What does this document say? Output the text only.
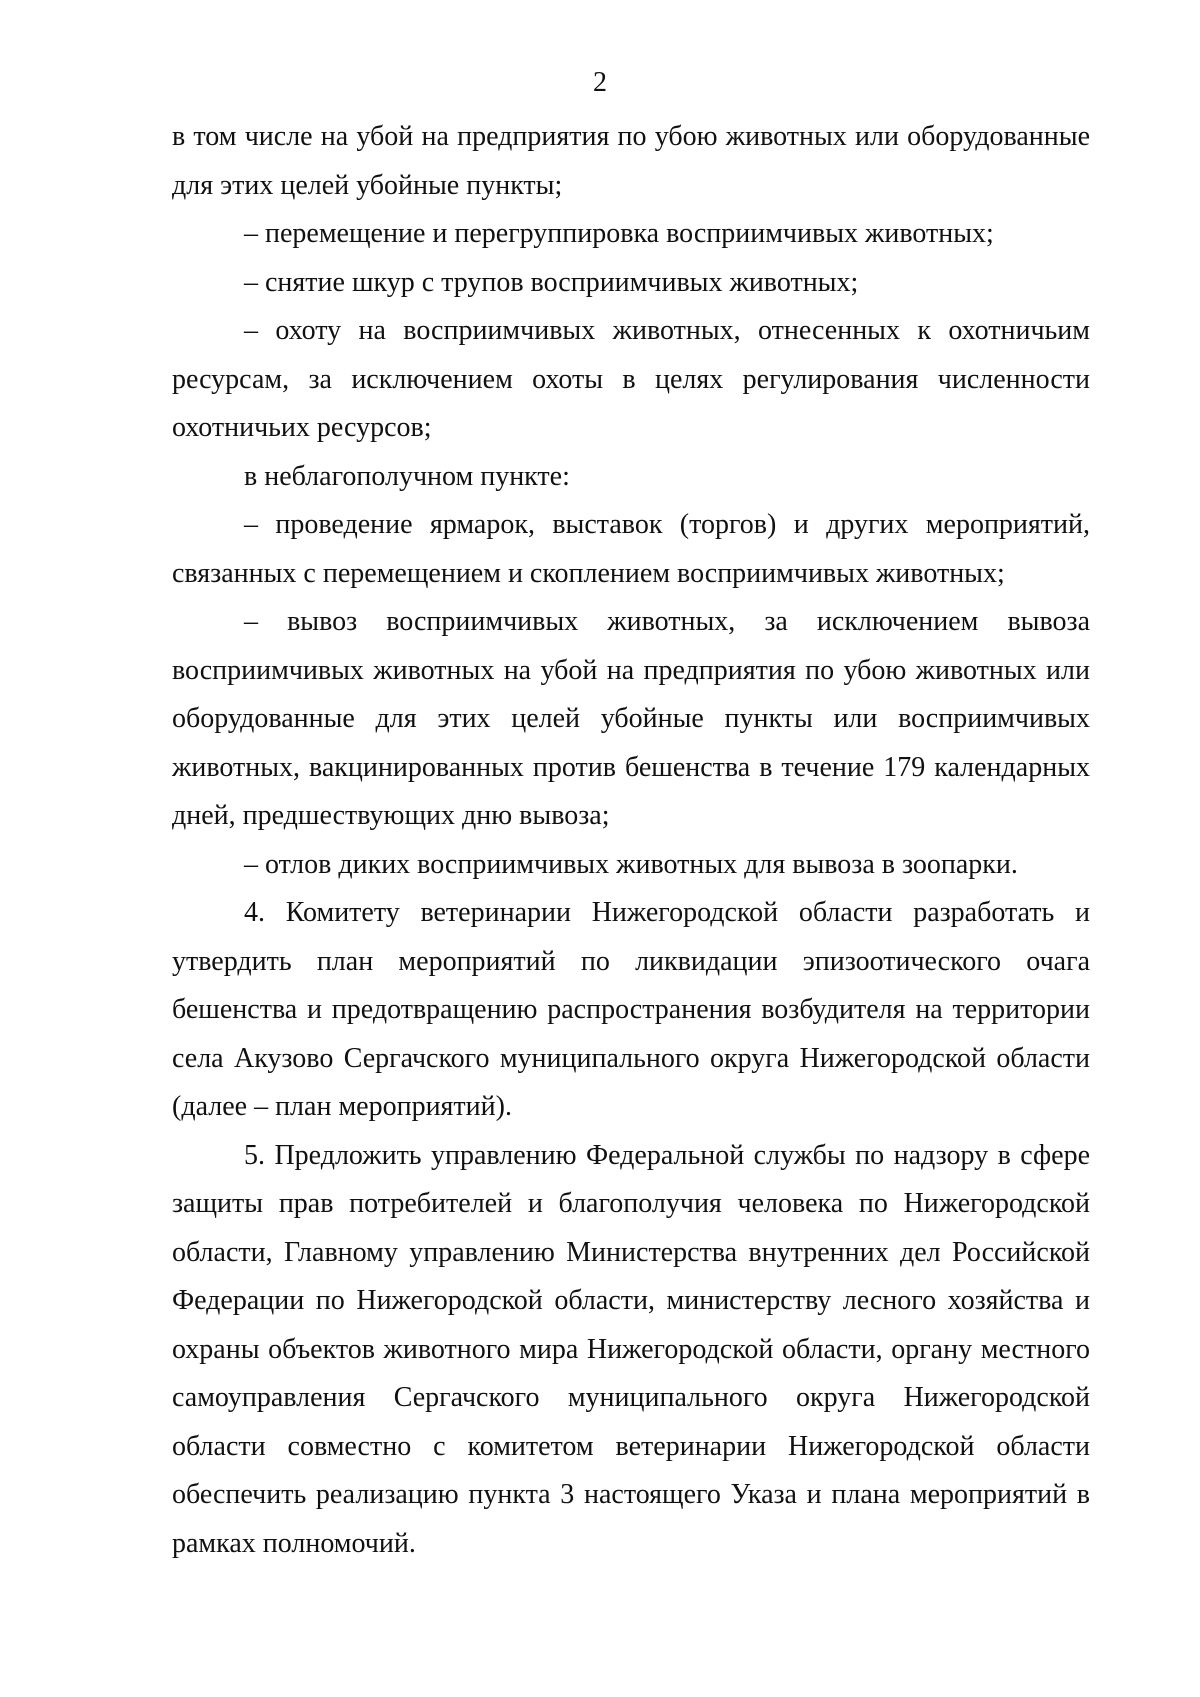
2

в том числе на убой на предприятия по убою животных или оборудованные для этих целей убойные пункты;

– перемещение и перегруппировка восприимчивых животных;

– снятие шкур с трупов восприимчивых животных;

– охоту на восприимчивых животных, отнесенных к охотничьим ресурсам, за исключением охоты в целях регулирования численности охотничьих ресурсов;

в неблагополучном пункте:

– проведение ярмарок, выставок (торгов) и других мероприятий, связанных с перемещением и скоплением восприимчивых животных;

– вывоз восприимчивых животных, за исключением вывоза восприимчивых животных на убой на предприятия по убою животных или оборудованные для этих целей убойные пункты или восприимчивых животных, вакцинированных против бешенства в течение 179 календарных дней, предшествующих дню вывоза;

– отлов диких восприимчивых животных для вывоза в зоопарки.

4. Комитету ветеринарии Нижегородской области разработать и утвердить план мероприятий по ликвидации эпизоотического очага бешенства и предотвращению распространения возбудителя на территории села Акузово Сергачского муниципального округа Нижегородской области (далее – план мероприятий).

5. Предложить управлению Федеральной службы по надзору в сфере защиты прав потребителей и благополучия человека по Нижегородской области, Главному управлению Министерства внутренних дел Российской Федерации по Нижегородской области, министерству лесного хозяйства и охраны объектов животного мира Нижегородской области, органу местного самоуправления Сергачского муниципального округа Нижегородской области совместно с комитетом ветеринарии Нижегородской области обеспечить реализацию пункта 3 настоящего Указа и плана мероприятий в рамках полномочий.
